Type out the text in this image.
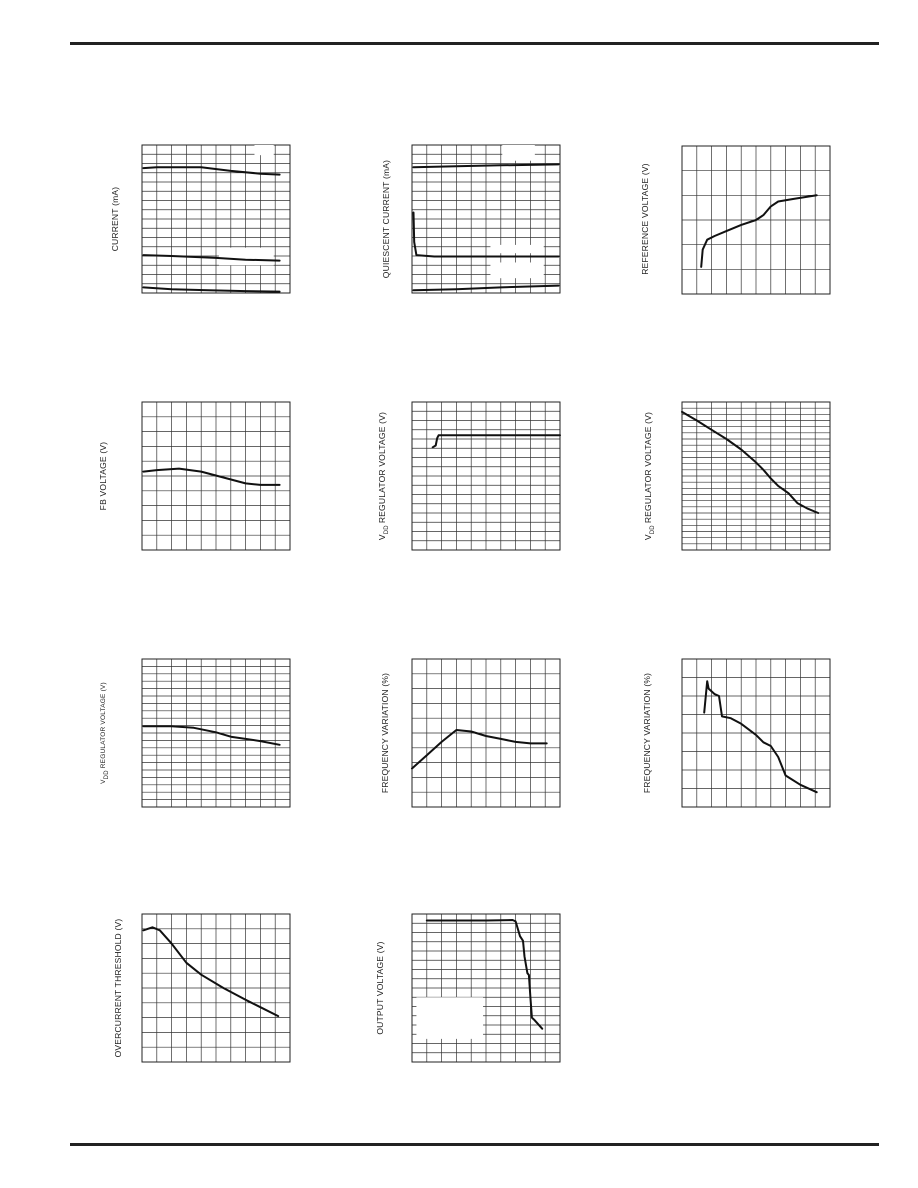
CURRENT (mA)	QUIESCENT CURRENT (mA)	REFERENCE VOLTAGE (V)
FB VOLTAGE (V)
$V_{DD}REGULATOR$ VOLTAGE (V)
$V_{DD}REGULATOR$ VOLTAGE (V)
VDDREGULATOR VOLTAGE (V)	FREQUENCY VARIATION (%)	FREQUENCY VARIATION (%)
OVERCURRENT THRESHOLD (V)	OUTPUT VOLTAGE (V)
